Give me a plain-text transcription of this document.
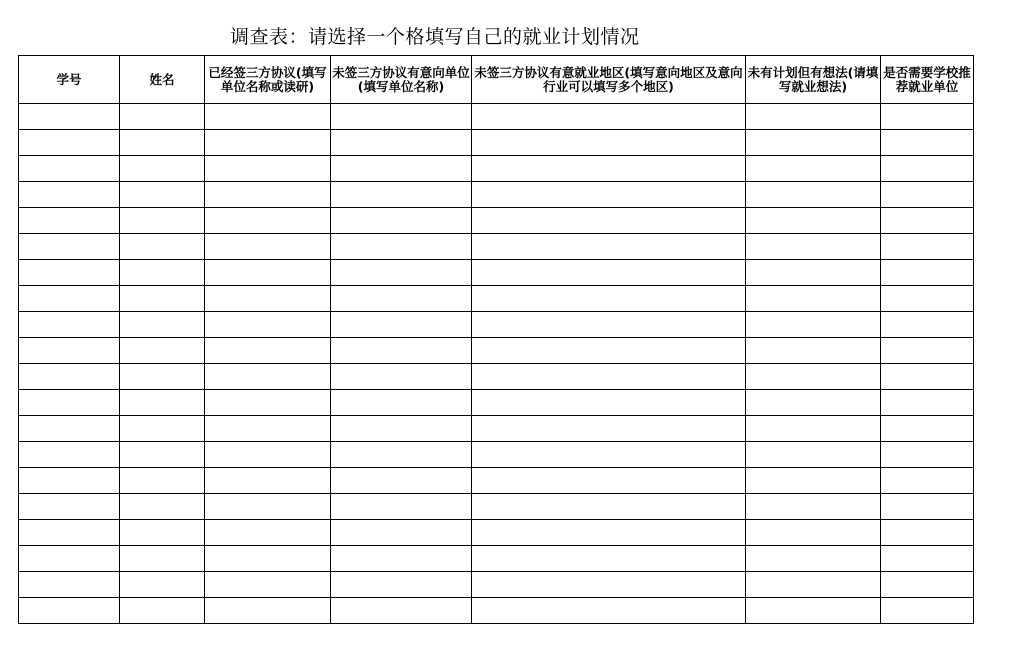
调查表：请选择一个格填写自己的就业计划情况
学号	姓名	已经签三方协议(填写单位名称或读研)	未签三方协议有意向单位(填写单位名称)	未签三方协议有意就业地区(填写意向地区及意向行业可以填写多个地区)	未有计划但有想法(请填写就业想法)	是否需要学校推荐就业单位
